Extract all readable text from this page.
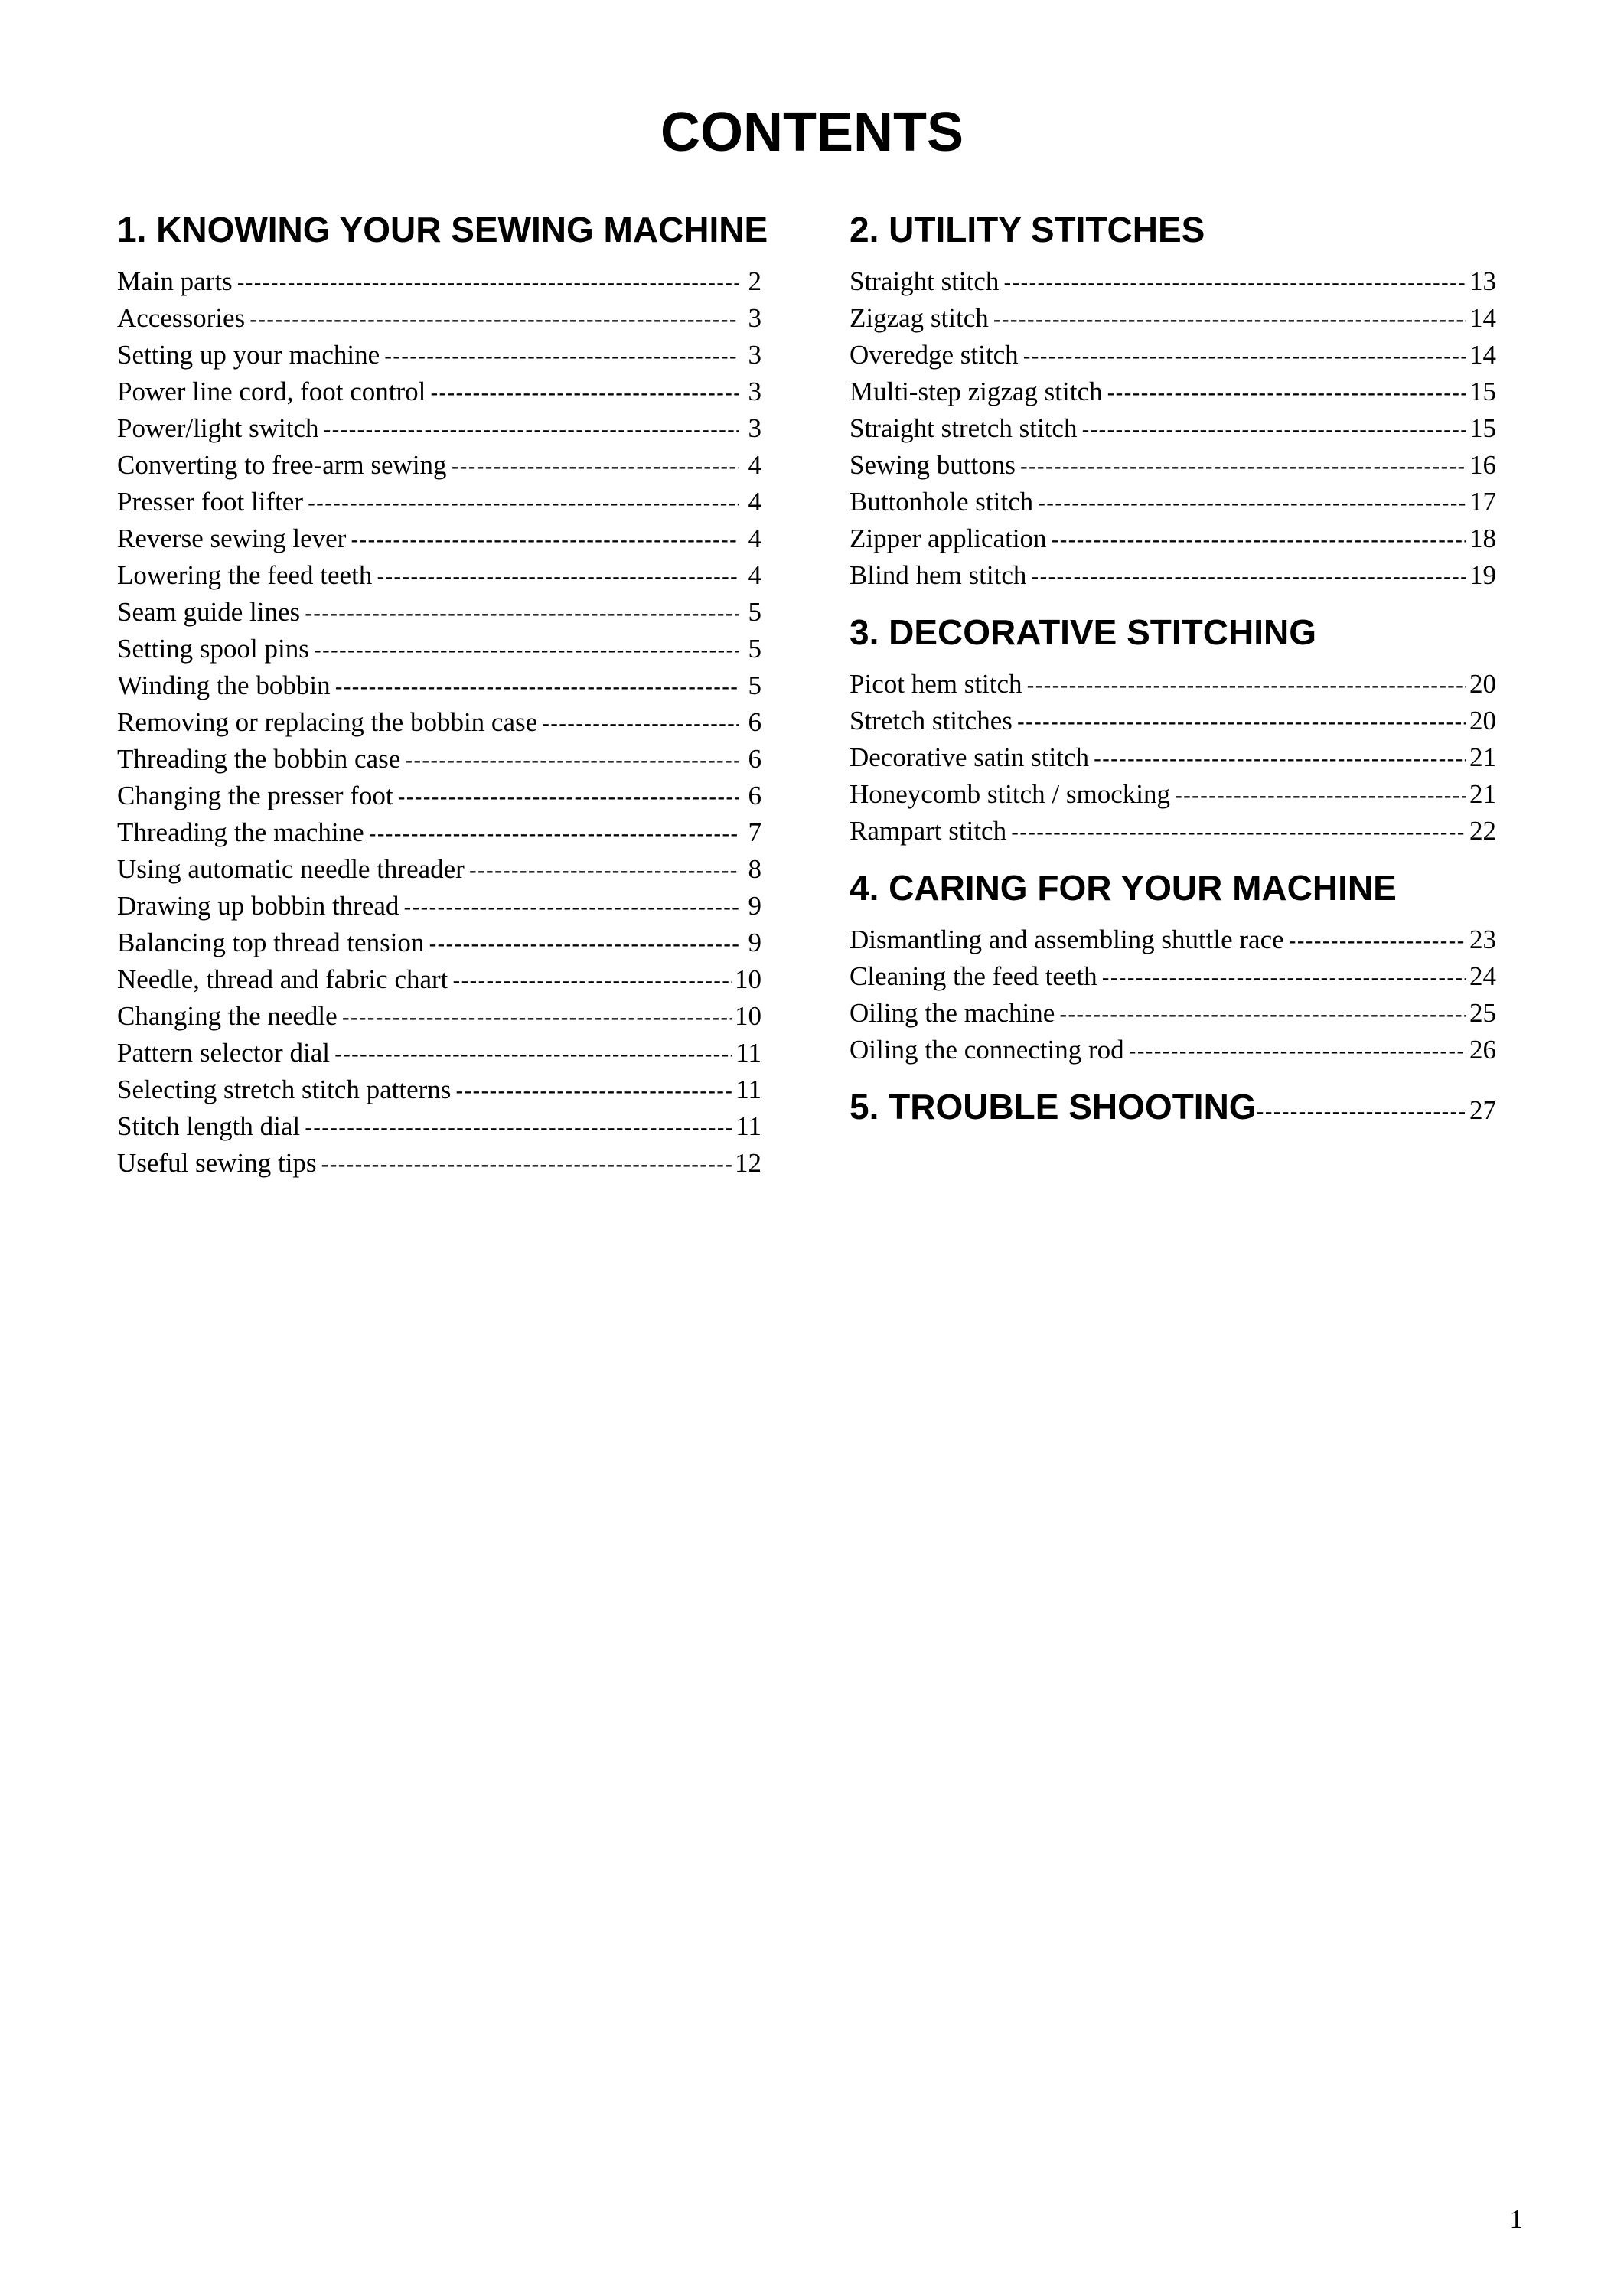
CONTENTS
1. KNOWING YOUR SEWING MACHINE
Main parts -----	2
Accessories -----	3
Setting up your machine -----	3
Power line cord, foot control -----	3
Power/light switch -----	3
Converting to free-arm sewing -----	4
Presser foot lifter -----	4
Reverse sewing lever -----	4
Lowering the feed teeth -----	4
Seam guide lines -----	5
Setting spool pins -----	5
Winding the bobbin -----	5
Removing or replacing the bobbin case -----	6
Threading the bobbin case -----	6
Changing the presser foot -----	6
Threading the machine -----	7
Using automatic needle threader -----	8
Drawing up bobbin thread -----	9
Balancing top thread tension -----	9
Needle, thread and fabric chart -----	10
Changing the needle -----	10
Pattern selector dial -----	11
Selecting stretch stitch patterns -----	11
Stitch length dial -----	11
Useful sewing tips -----	12
2. UTILITY STITCHES
Straight stitch -----	13
Zigzag stitch -----	14
Overedge stitch -----	14
Multi-step zigzag stitch -----	15
Straight stretch stitch -----	15
Sewing buttons -----	16
Buttonhole stitch -----	17
Zipper application -----	18
Blind hem stitch -----	19
3. DECORATIVE STITCHING
Picot hem stitch -----	20
Stretch stitches -----	20
Decorative satin stitch -----	21
Honeycomb stitch / smocking -----	21
Rampart stitch -----	22
4. CARING FOR YOUR MACHINE
Dismantling and assembling shuttle race -----	23
Cleaning the feed teeth -----	24
Oiling the machine -----	25
Oiling the connecting rod -----	26
5. TROUBLE SHOOTING -----	27
1
